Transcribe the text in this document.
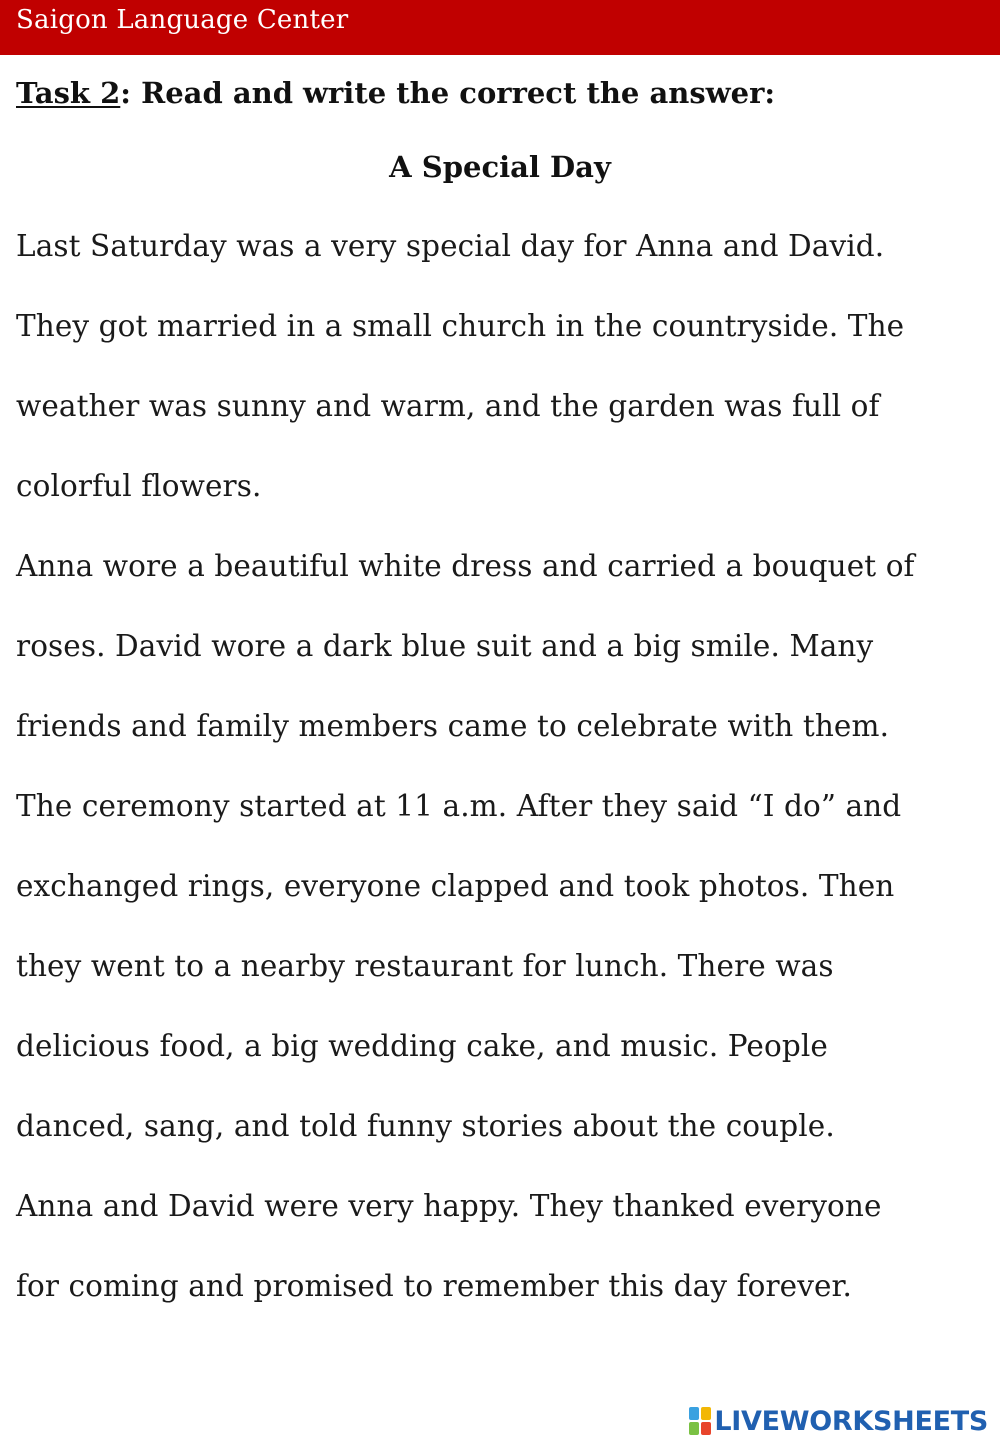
Saigon Language Center
Task 2: Read and write the correct the answer:
A Special Day
Last Saturday was a very special day for Anna and David.
They got married in a small church in the countryside. The
weather was sunny and warm, and the garden was full of
colorful flowers.
Anna wore a beautiful white dress and carried a bouquet of
roses. David wore a dark blue suit and a big smile. Many
friends and family members came to celebrate with them.
The ceremony started at 11 a.m. After they said “I do” and
exchanged rings, everyone clapped and took photos. Then
they went to a nearby restaurant for lunch. There was
delicious food, a big wedding cake, and music. People
danced, sang, and told funny stories about the couple.
Anna and David were very happy. They thanked everyone
for coming and promised to remember this day forever.
LIVEWORKSHEETS
